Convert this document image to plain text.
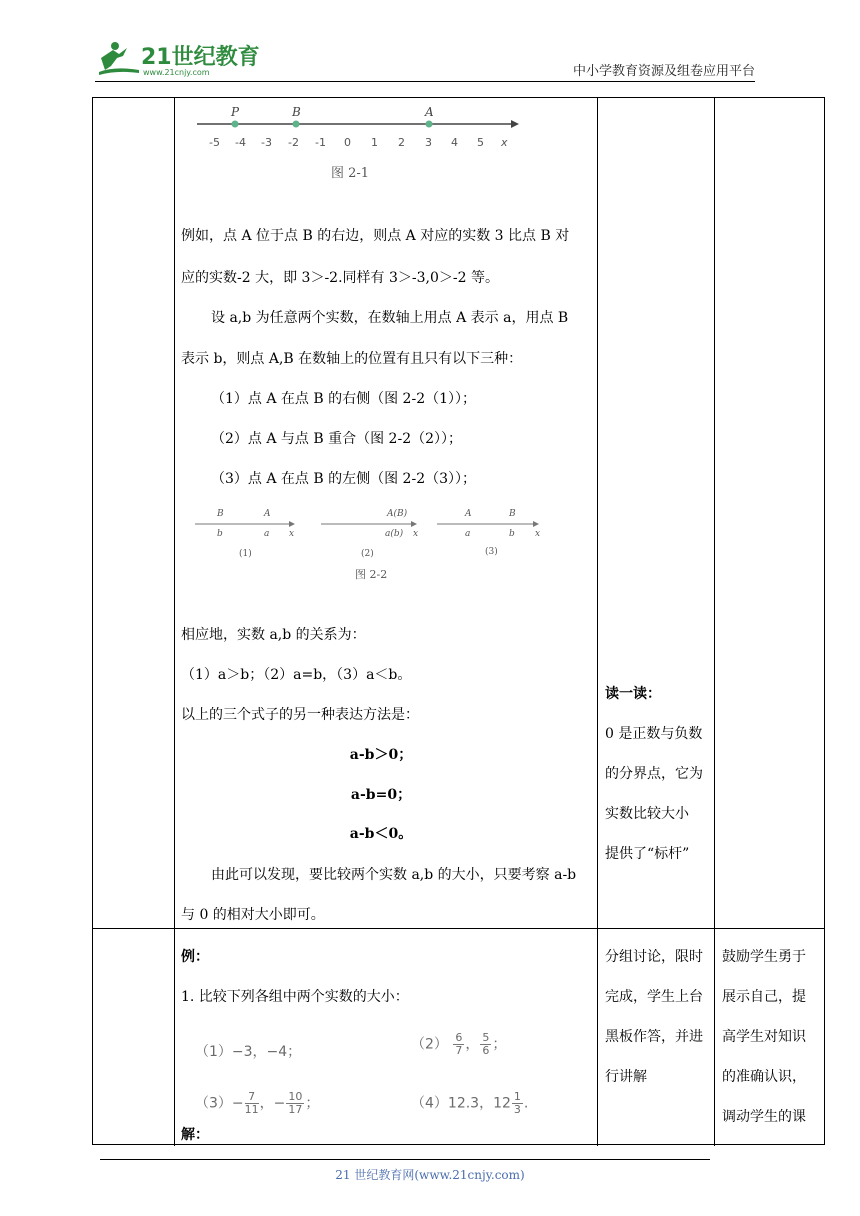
21世纪教育
www.21cnjy.com	中小学教育资源及组卷应用平台
P	B	A
-5 -4 -3 -2 -1 0 1 2 3 4 5 x
图 2-1
例如，点 A 位于点 B 的右边，则点 A 对应的实数 3 比点 B 对
应的实数-2 大，即 3＞-2.同样有 3＞-3,0＞-2 等。
设 a,b 为任意两个实数，在数轴上用点 A 表示 a，用点 B
表示 b，则点 A,B 在数轴上的位置有且只有以下三种：
（1）点 A 在点 B 的右侧（图 2-2（1））；
（2）点 A 与点 B 重合（图 2-2（2））；
（3）点 A 在点 B 的左侧（图 2-2（3））；
B	A
b	a x
(1)
A(B)
a(b) x
(2)
A	B
a	b x
(3)
图 2-2
相应地，实数 a,b 的关系为：
（1）a＞b；（2）a=b，（3）a＜b。
以上的三个式子的另一种表达方法是：
a-b＞0；
a-b=0；
a-b＜0。
由此可以发现，要比较两个实数 a,b 的大小，只要考察 a-b
与 0 的相对大小即可。
读一读：
0 是正数与负数
的分界点，它为
实数比较大小
提供了“标杆”
例：
1. 比较下列各组中两个实数的大小：
（1）−3，−4；	$(2) \frac{6}{7}$ ， $\frac{5}{6}$ ；
$(3)- \frac{7}{11}$ ，− $\frac{10}{17}$ ；	（4）12.3，$12 \frac{1}{3}$ .
解：
分组讨论，限时
完成，学生上台
黑板作答，并进
行讲解
鼓励学生勇于
展示自己，提
高学生对知识
的准确认识，
调动学生的课
21 世纪教育网(www.21cnjy.com)
